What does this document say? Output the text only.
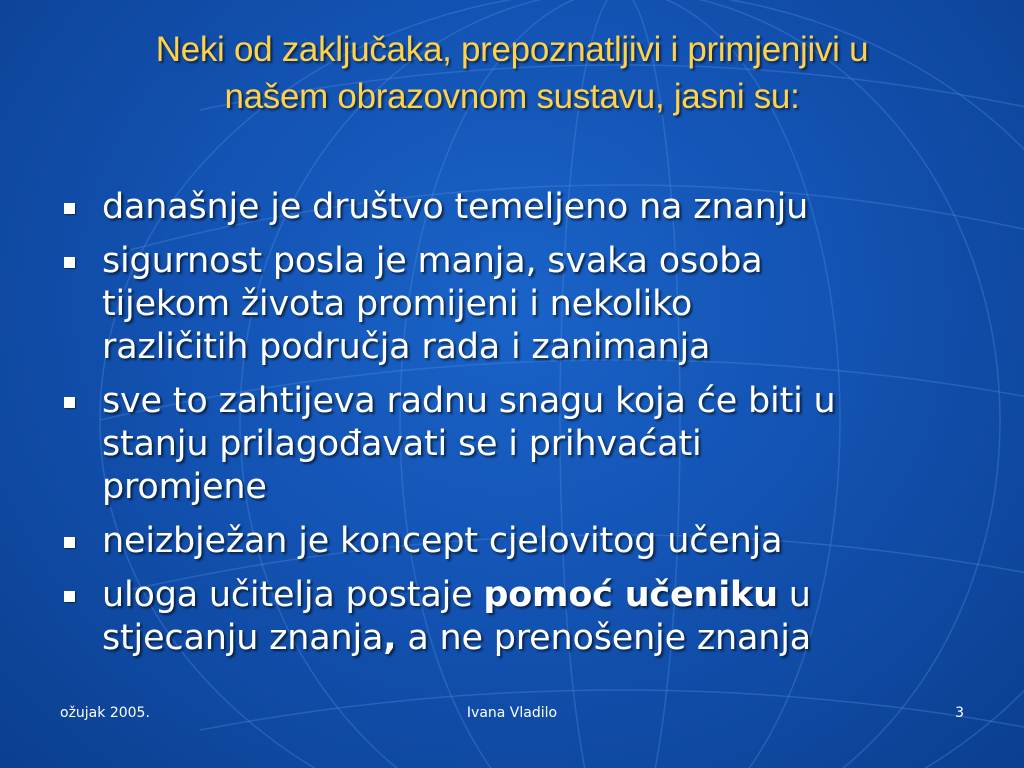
Neki od zaključaka, prepoznatljivi i primjenjivi u
našem obrazovnom sustavu, jasni su:
današnje je društvo temeljeno na znanju
sigurnost posla je manja, svaka osoba
tijekom života promijeni i nekoliko
različitih područja rada i zanimanja
sve to zahtijeva radnu snagu koja će biti u
stanju prilagođavati se i prihvaćati
promjene
neizbježan je koncept cjelovitog učenja
uloga učitelja postaje pomoć učeniku u
stjecanju znanja, a ne prenošenje znanja
ožujak 2005.	Ivana Vladilo	3
